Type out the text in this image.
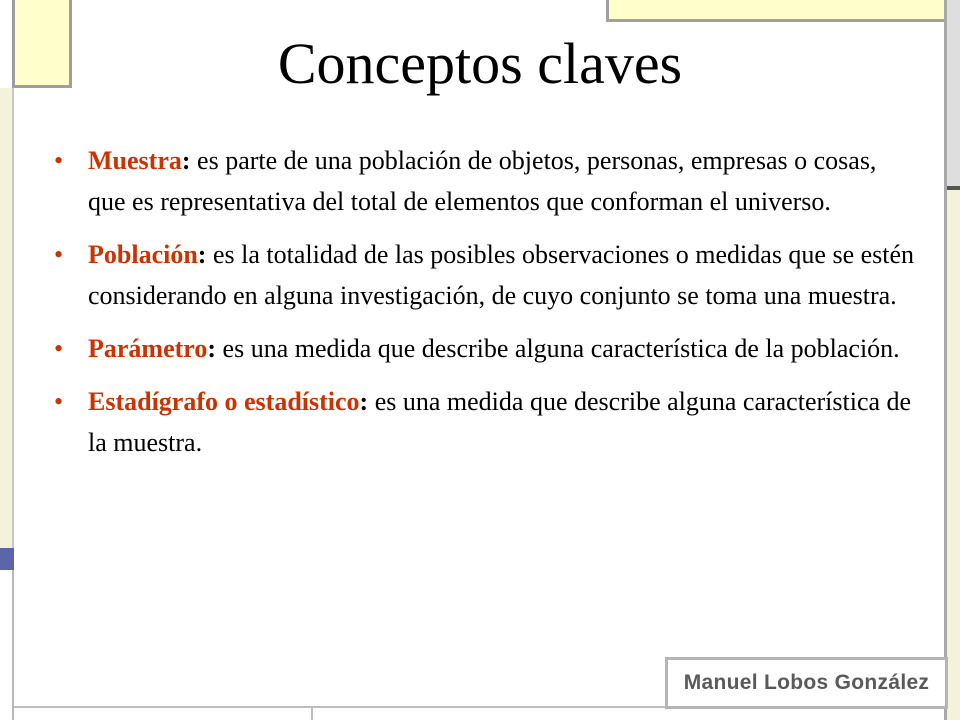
Conceptos claves
• Muestra: es parte de una población de objetos, personas, empresas o cosas, que es representativa del total de elementos que conforman el universo.
• Población: es la totalidad de las posibles observaciones o medidas que se estén considerando en alguna investigación, de cuyo conjunto se toma una muestra.
• Parámetro: es una medida que describe alguna característica de la población.
• Estadígrafo o estadístico: es una medida que describe alguna característica de la muestra.
Manuel Lobos González
